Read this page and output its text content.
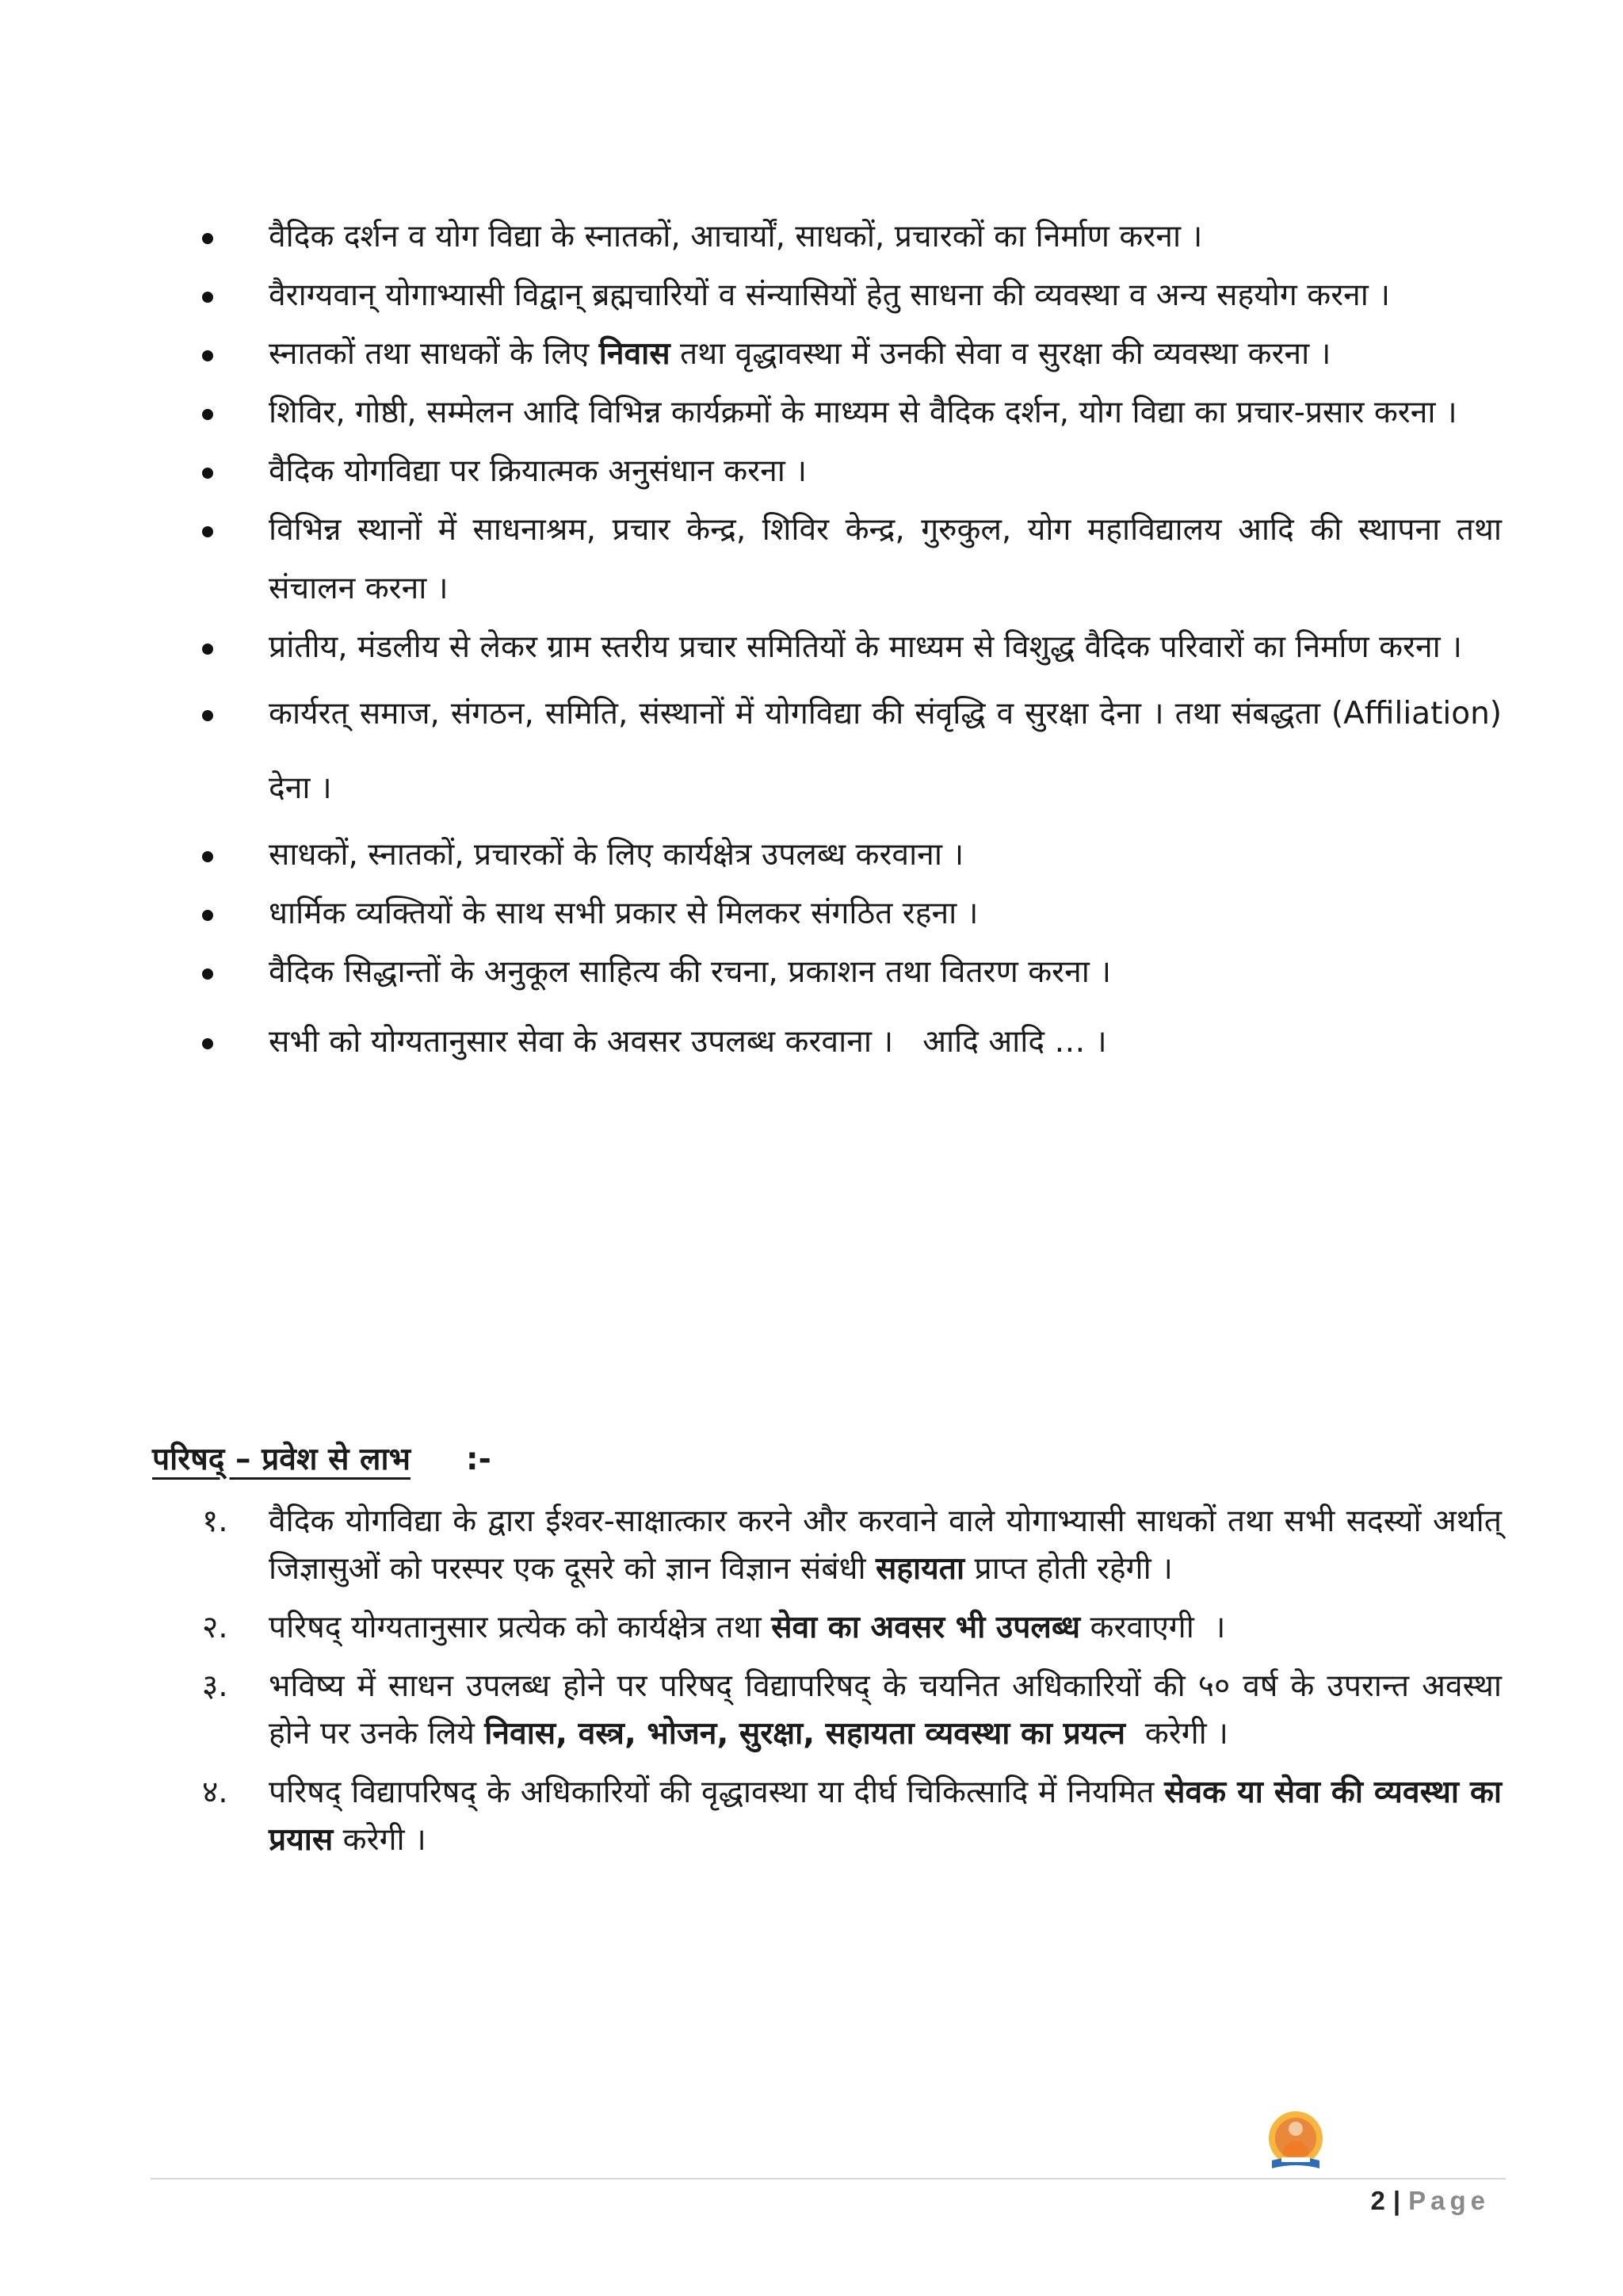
वैदिक दर्शन व योग विद्या के स्नातकों, आचार्यों, साधकों, प्रचारकों का निर्माण करना ।
वैराग्यवान् योगाभ्यासी विद्वान् ब्रह्मचारियों व संन्यासियों हेतु साधना की व्यवस्था व अन्य सहयोग करना ।
स्नातकों तथा साधकों के लिए निवास तथा वृद्धावस्था में उनकी सेवा व सुरक्षा की व्यवस्था करना ।
शिविर, गोष्ठी, सम्मेलन आदि विभिन्न कार्यक्रमों के माध्यम से वैदिक दर्शन, योग विद्या का प्रचार-प्रसार करना ।
वैदिक योगविद्या पर क्रियात्मक अनुसंधान करना ।
विभिन्न स्थानों में साधनाश्रम, प्रचार केन्द्र, शिविर केन्द्र, गुरुकुल, योग महाविद्यालय आदि की स्थापना तथा संचालन करना ।
प्रांतीय, मंडलीय से लेकर ग्राम स्तरीय प्रचार समितियों के माध्यम से विशुद्ध वैदिक परिवारों का निर्माण करना ।
कार्यरत् समाज, संगठन, समिति, संस्थानों में योगविद्या की संवृद्धि व सुरक्षा देना । तथा संबद्धता (Affiliation) देना ।
साधकों, स्नातकों, प्रचारकों के लिए कार्यक्षेत्र उपलब्ध करवाना ।
धार्मिक व्यक्तियों के साथ सभी प्रकार से मिलकर संगठित रहना ।
वैदिक सिद्धान्तों के अनुकूल साहित्य की रचना, प्रकाशन तथा वितरण करना ।
सभी को योग्यतानुसार सेवा के अवसर उपलब्ध करवाना ।   आदि आदि … ।
परिषद् – प्रवेश से लाभ :-
१. वैदिक योगविद्या के द्वारा ईश्वर-साक्षात्कार करने और करवाने वाले योगाभ्यासी साधकों तथा सभी सदस्यों अर्थात् जिज्ञासुओं को परस्पर एक दूसरे को ज्ञान विज्ञान संबंधी सहायता प्राप्त होती रहेगी ।
२. परिषद् योग्यतानुसार प्रत्येक को कार्यक्षेत्र तथा सेवा का अवसर भी उपलब्ध करवाएगी  ।
३. भविष्य में साधन उपलब्ध होने पर परिषद् विद्यापरिषद् के चयनित अधिकारियों की ५० वर्ष के उपरान्त अवस्था होने पर उनके लिये निवास, वस्त्र, भोजन, सुरक्षा, सहायता व्यवस्था का प्रयत्न  करेगी ।
४. परिषद् विद्यापरिषद् के अधिकारियों की वृद्धावस्था या दीर्घ चिकित्सादि में नियमित सेवक या सेवा की व्यवस्था का प्रयास करेगी ।
2 | Page
